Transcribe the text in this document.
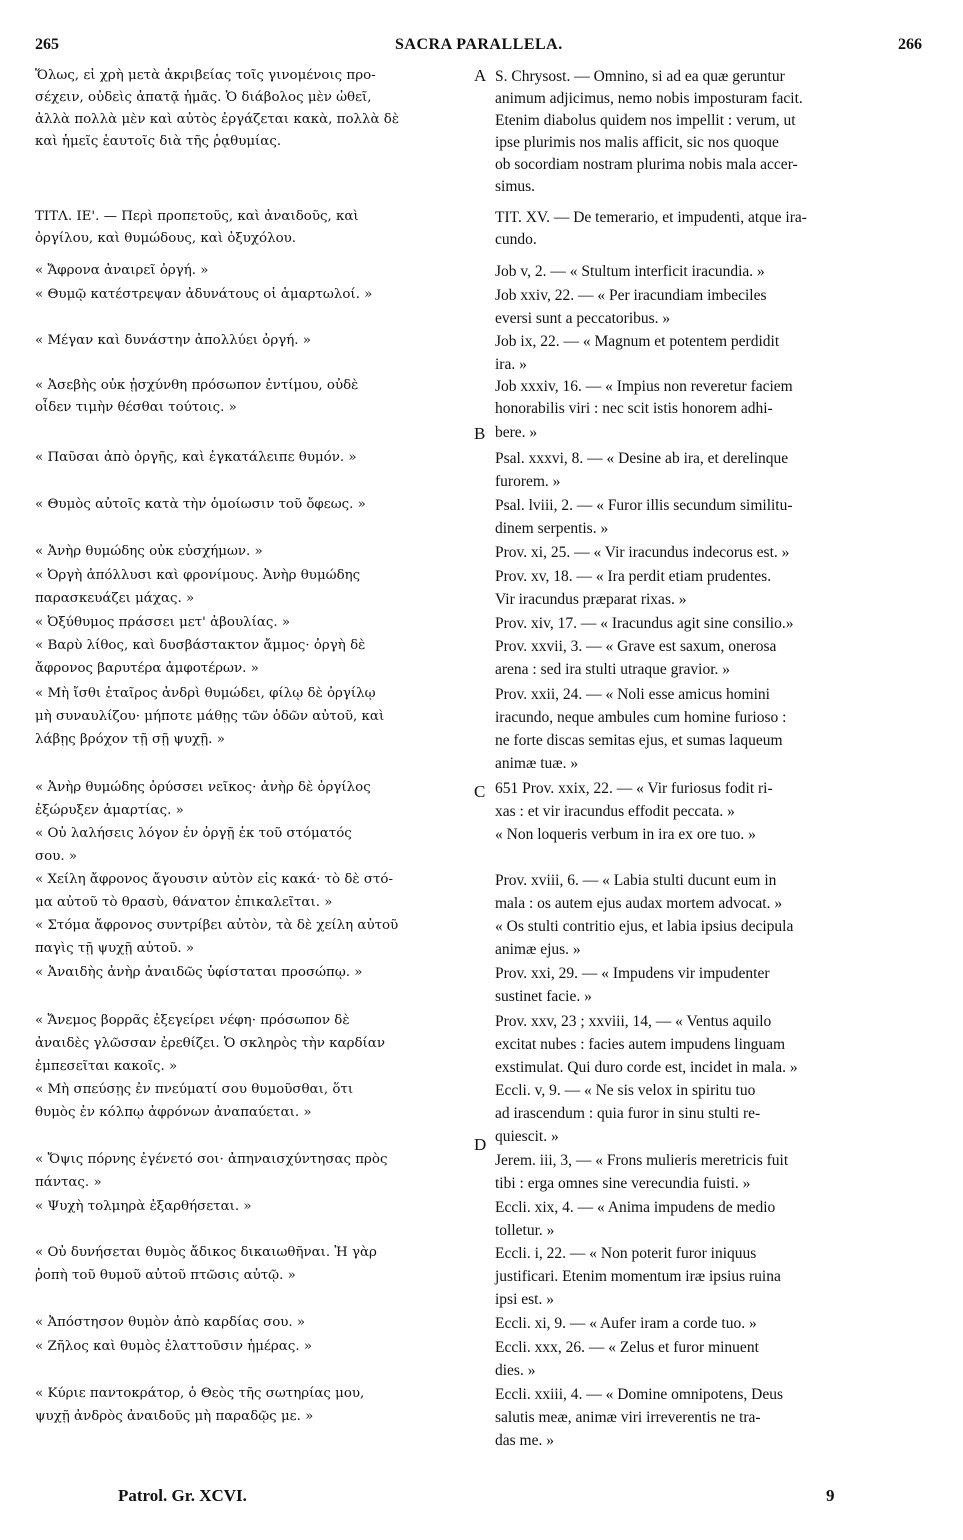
265	SACRA PARALLELA.	266
Ὅλως, εἰ χρὴ μετὰ ἀκριβείας τοῖς γινομένοις προ-
σέχειν, οὐδεὶς ἀπατᾷ ἡμᾶς. Ὁ διάβολος μὲν ὠθεῖ,
ἀλλὰ πολλὰ μὲν καὶ αὐτὸς ἐργάζεται κακὰ, πολλὰ δὲ
καὶ ἡμεῖς ἑαυτοῖς διὰ τῆς ῥᾳθυμίας.
ΤΙΤΛ. ΙΕ'. — Περὶ προπετοῦς, καὶ ἀναιδοῦς, καὶ
ὀργίλου, καὶ θυμώδους, καὶ ὀξυχόλου.
« Ἄφρονα ἀναιρεῖ ὀργή. »
« Θυμῷ κατέστρεψαν ἀδυνάτους οἱ ἁμαρτωλοί. »
« Μέγαν καὶ δυνάστην ἀπολλύει ὀργή. »
« Ἀσεβὴς οὐκ ᾐσχύνθη πρόσωπον ἐντίμου, οὐδὲ
οἶδεν τιμὴν θέσθαι τούτοις. »
« Παῦσαι ἀπὸ ὀργῆς, καὶ ἐγκατάλειπε θυμόν. »
« Θυμὸς αὐτοῖς κατὰ τὴν ὁμοίωσιν τοῦ ὄφεως. »
« Ἀνὴρ θυμώδης οὐκ εὐσχήμων. »
« Ὀργὴ ἀπόλλυσι καὶ φρονίμους. Ἀνὴρ θυμώδης
παρασκευάζει μάχας. »
« Ὀξύθυμος πράσσει μετ' ἀβουλίας. »
« Βαρὺ λίθος, καὶ δυσβάστακτον ἄμμος· ὀργὴ δὲ
ἄφρονος βαρυτέρα ἀμφοτέρων. »
« Μὴ ἴσθι ἑταῖρος ἀνδρὶ θυμώδει, φίλῳ δὲ ὀργίλῳ
μὴ συναυλίζου· μήποτε μάθῃς τῶν ὁδῶν αὐτοῦ, καὶ
λάβῃς βρόχον τῇ σῇ ψυχῇ. »
« Ἀνὴρ θυμώδης ὀρύσσει νεῖκος· ἀνὴρ δὲ ὀργίλος
ἐξώρυξεν ἁμαρτίας. »
« Οὐ λαλήσεις λόγον ἐν ὀργῇ ἐκ τοῦ στόματός
σου. »
« Χείλη ἄφρονος ἄγουσιν αὐτὸν εἰς κακά· τὸ δὲ στό-
μα αὐτοῦ τὸ θρασὺ, θάνατον ἐπικαλεῖται. »
« Στόμα ἄφρονος συντρίβει αὐτὸν, τὰ δὲ χείλη αὐτοῦ
παγὶς τῇ ψυχῇ αὐτοῦ. »
« Ἀναιδὴς ἀνὴρ ἀναιδῶς ὑφίσταται προσώπῳ. »
« Ἄνεμος βορρᾶς ἐξεγείρει νέφη· πρόσωπον δὲ
ἀναιδὲς γλῶσσαν ἐρεθίζει. Ὁ σκληρὸς τὴν καρδίαν
ἐμπεσεῖται κακοῖς. »
« Μὴ σπεύσῃς ἐν πνεύματί σου θυμοῦσθαι, ὅτι
θυμὸς ἐν κόλπῳ ἀφρόνων ἀναπαύεται. »
« Ὄψις πόρνης ἐγένετό σοι· ἀπηναισχύντησας πρὸς
πάντας. »
« Ψυχὴ τολμηρὰ ἐξαρθήσεται. »
« Οὐ δυνήσεται θυμὸς ἄδικος δικαιωθῆναι. Ἡ γὰρ
ῥοπὴ τοῦ θυμοῦ αὐτοῦ πτῶσις αὐτῷ. »
« Ἀπόστησον θυμὸν ἀπὸ καρδίας σου. »
« Ζῆλος καὶ θυμὸς ἐλαττοῦσιν ἡμέρας. »
« Κύριε παντοκράτορ, ὁ Θεὸς τῆς σωτηρίας μου,
ψυχῇ ἀνδρὸς ἀναιδοῦς μὴ παραδῷς με. »
S. Chrysost. — Omnino, si ad ea quæ geruntur
animum adjicimus, nemo nobis imposturam facit.
Etenim diabolus quidem nos impellit : verum, ut
ipse plurimis nos malis afficit, sic nos quoque
ob socordiam nostram plurima nobis mala accer-
simus.
TIT. XV. — De temerario, et impudenti, atque ira-
cundo.
Job v, 2. — « Stultum interficit iracundia. »
Job xxiv, 22. — « Per iracundiam imbeciles
eversi sunt a peccatoribus. »
Job ix, 22. — « Magnum et potentem perdidit
ira. »
Job xxxiv, 16. — « Impius non reveretur faciem
honorabilis viri : nec scit istis honorem adhi-
bere. »
Psal. xxxvi, 8. — « Desine ab ira, et derelinque
furorem. »
Psal. lviii, 2. — « Furor illis secundum similitu-
dinem serpentis. »
Prov. xi, 25. — « Vir iracundus indecorus est. »
Prov. xv, 18. — « Ira perdit etiam prudentes.
Vir iracundus præparat rixas. »
Prov. xiv, 17. — « Iracundus agit sine consilio.»
Prov. xxvii, 3. — « Grave est saxum, onerosa
arena : sed ira stulti utraque gravior. »
Prov. xxii, 24. — « Noli esse amicus homini
iracundo, neque ambules cum homine furioso :
ne forte discas semitas ejus, et sumas laqueum
animæ tuæ. »
651 Prov. xxix, 22. — « Vir furiosus fodit ri-
xas : et vir iracundus effodit peccata. »
« Non loqueris verbum in ira ex ore tuo. »
Prov. xviii, 6. — « Labia stulti ducunt eum in
mala : os autem ejus audax mortem advocat. »
« Os stulti contritio ejus, et labia ipsius decipula
animæ ejus. »
Prov. xxi, 29. — « Impudens vir impudenter
sustinet facie. »
Prov. xxv, 23 ; xxviii, 14, — « Ventus aquilo
excitat nubes : facies autem impudens linguam
exstimulat. Qui duro corde est, incidet in mala. »
Eccli. v, 9. — « Ne sis velox in spiritu tuo
ad irascendum : quia furor in sinu stulti re-
quiescit. »
Jerem. iii, 3, — « Frons mulieris meretricis fuit
tibi : erga omnes sine verecundia fuisti. »
Eccli. xix, 4. — « Anima impudens de medio
tolletur. »
Eccli. i, 22. — « Non poterit furor iniquus
justificari. Etenim momentum iræ ipsius ruina
ipsi est. »
Eccli. xi, 9. — « Aufer iram a corde tuo. »
Eccli. xxx, 26. — « Zelus et furor minuent
dies. »
Eccli. xxiii, 4. — « Domine omnipotens, Deus
salutis meæ, animæ viri irreverentis ne tra-
das me. »
A
B
C
D
Patrol. Gr. XCVI.	9
